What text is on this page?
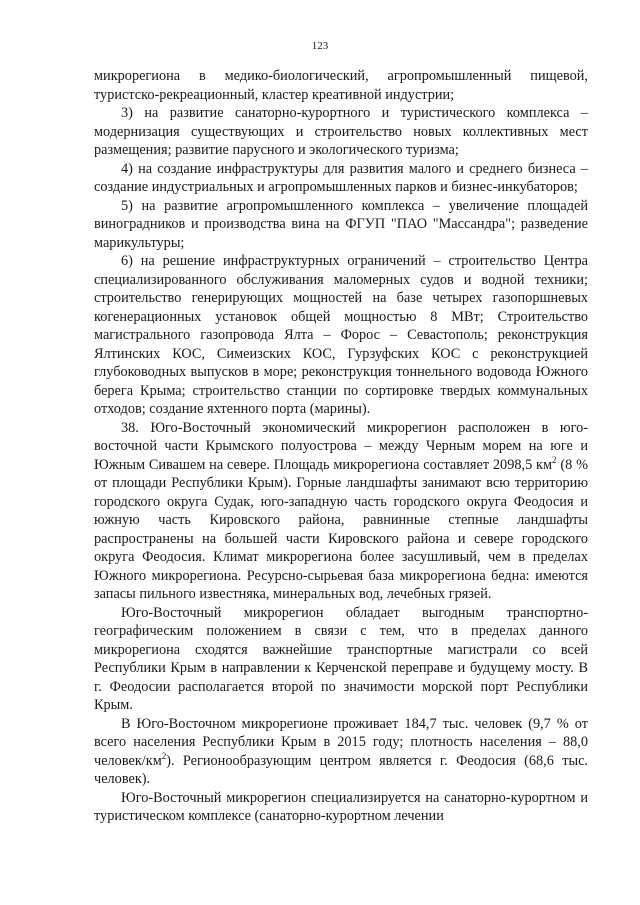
123

микрорегиона в медико-биологический, агропромышленный пищевой, туристско-рекреационный, кластер креативной индустрии;

3) на развитие санаторно-курортного и туристического комплекса – модернизация существующих и строительство новых коллективных мест размещения; развитие парусного и экологического туризма;

4) на создание инфраструктуры для развития малого и среднего бизнеса – создание индустриальных и агропромышленных парков и бизнес-инкубаторов;

5) на развитие агропромышленного комплекса – увеличение площадей виноградников и производства вина на ФГУП "ПАО "Массандра"; разведение марикультуры;

6) на решение инфраструктурных ограничений – строительство Центра специализированного обслуживания маломерных судов и водной техники; строительство генерирующих мощностей на базе четырех газопоршневых когенерационных установок общей мощностью 8 МВт; Строительство магистрального газопровода Ялта – Форос – Севастополь; реконструкция Ялтинских КОС, Симеизских КОС, Гурзуфских КОС с реконструкцией глубоководных выпусков в море; реконструкция тоннельного водовода Южного берега Крыма; строительство станции по сортировке твердых коммунальных отходов; создание яхтенного порта (марины).

38. Юго-Восточный экономический микрорегион расположен в юго-восточной части Крымского полуострова – между Черным морем на юге и Южным Сивашем на севере. Площадь микрорегиона составляет 2098,5 $км^2$ (8 % от площади Республики Крым). Горные ландшафты занимают всю территорию городского округа Судак, юго-западную часть городского округа Феодосия и южную часть Кировского района, равнинные степные ландшафты распространены на большей части Кировского района и севере городского округа Феодосия. Климат микрорегиона более засушливый, чем в пределах Южного микрорегиона. Ресурсно-сырьевая база микрорегиона бедна: имеются запасы пильного известняка, минеральных вод, лечебных грязей.

Юго-Восточный микрорегион обладает выгодным транспортно-географическим положением в связи с тем, что в пределах данного микрорегиона сходятся важнейшие транспортные магистрали со всей Республики Крым в направлении к Керченской переправе и будущему мосту. В г. Феодосии располагается второй по значимости морской порт Республики Крым.

В Юго-Восточном микрорегионе проживает 184,7 тыс. человек (9,7 % от всего населения Республики Крым в 2015 году; плотность населения – 88,0 человек/$км^2$). Регионообразующим центром является г. Феодосия (68,6 тыс. человек).

Юго-Восточный микрорегион специализируется на санаторно-курортном и туристическом комплексе (санаторно-курортном лечении
